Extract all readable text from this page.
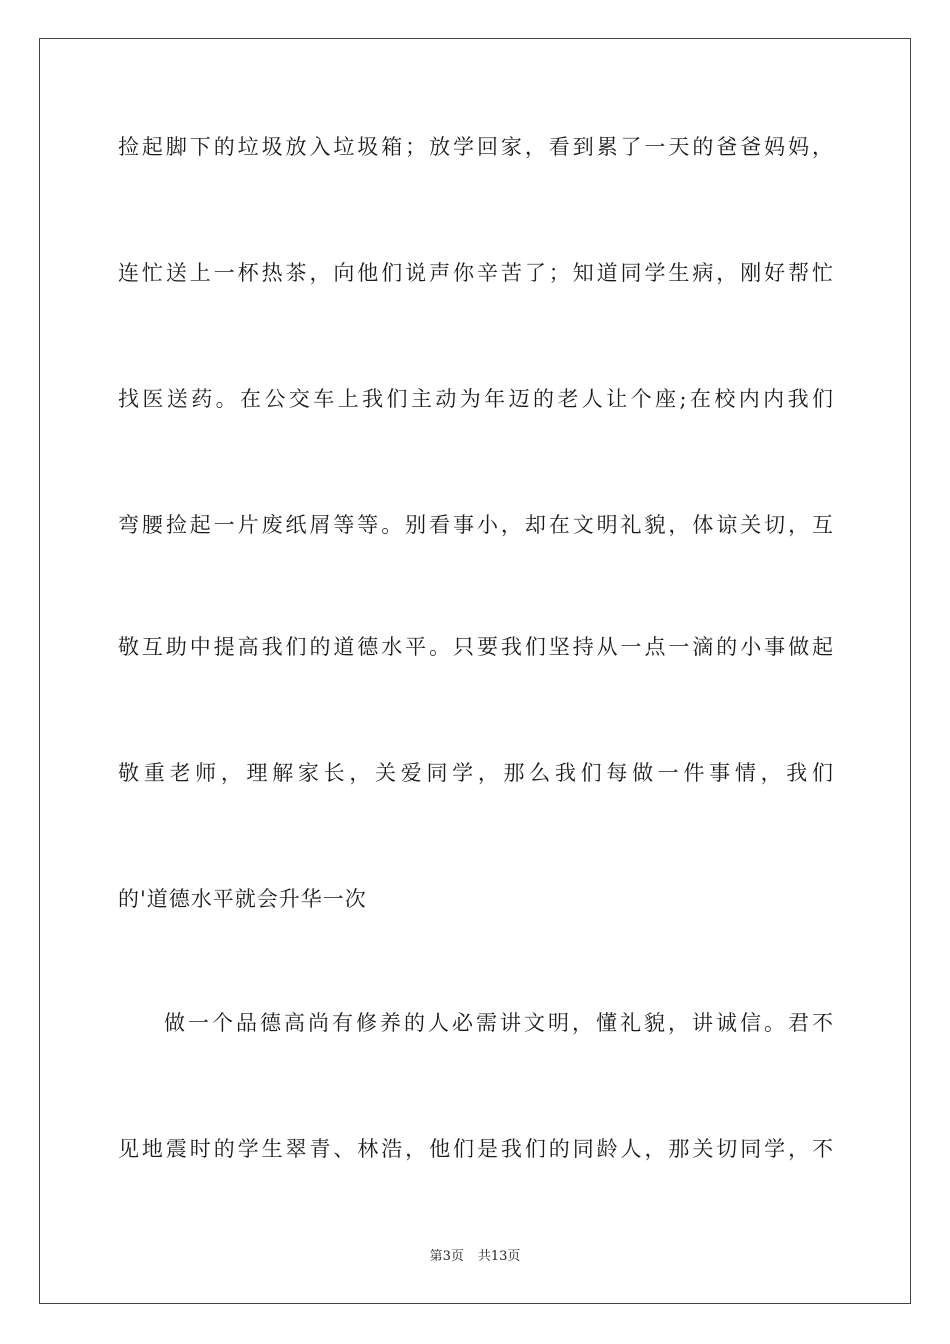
捡起脚下的垃圾放入垃圾箱；放学回家，看到累了一天的爸爸妈妈，
连忙送上一杯热茶，向他们说声你辛苦了；知道同学生病，刚好帮忙
找医送药。在公交车上我们主动为年迈的老人让个座;在校内内我们
弯腰捡起一片废纸屑等等。别看事小，却在文明礼貌，体谅关切，互
敬互助中提高我们的道德水平。只要我们坚持从一点一滴的小事做起
敬重老师，理解家长，关爱同学，那么我们每做一件事情，我们
的'道德水平就会升华一次
做一个品德高尚有修养的人必需讲文明，懂礼貌，讲诚信。君不
见地震时的学生翠青、林浩，他们是我们的同龄人，那关切同学，不
第3页 共13页
